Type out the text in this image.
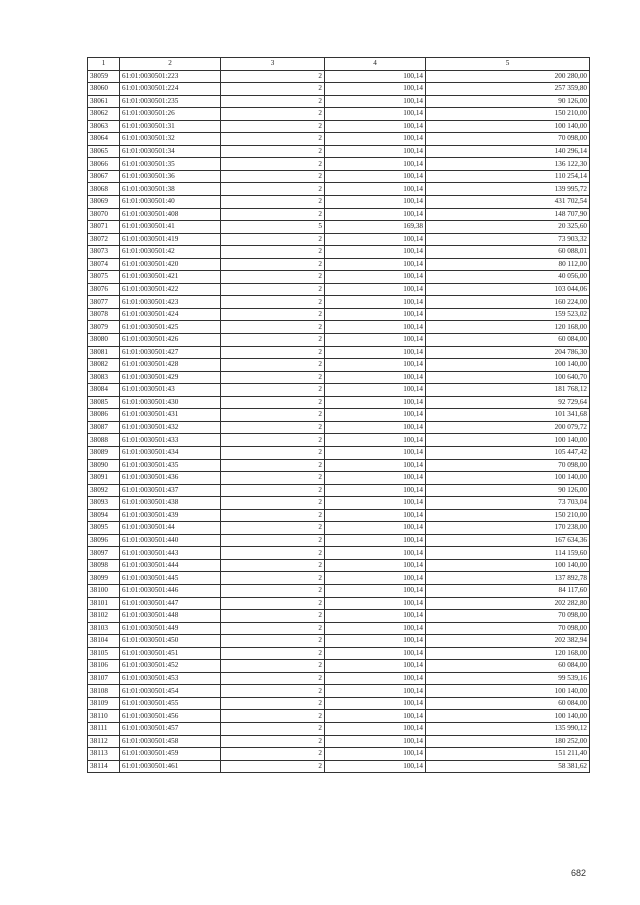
1	2	3	4	5
38059	61:01:0030501:223	2	100,14	200 280,00
38060	61:01:0030501:224	2	100,14	257 359,80
38061	61:01:0030501:235	2	100,14	90 126,00
38062	61:01:0030501:26	2	100,14	150 210,00
38063	61:01:0030501:31	2	100,14	100 140,00
38064	61:01:0030501:32	2	100,14	70 098,00
38065	61:01:0030501:34	2	100,14	140 296,14
38066	61:01:0030501:35	2	100,14	136 122,30
38067	61:01:0030501:36	2	100,14	110 254,14
38068	61:01:0030501:38	2	100,14	139 995,72
38069	61:01:0030501:40	2	100,14	431 702,54
38070	61:01:0030501:408	2	100,14	148 707,90
38071	61:01:0030501:41	5	169,38	20 325,60
38072	61:01:0030501:419	2	100,14	73 903,32
38073	61:01:0030501:42	2	100,14	60 088,01
38074	61:01:0030501:420	2	100,14	80 112,00
38075	61:01:0030501:421	2	100,14	40 056,00
38076	61:01:0030501:422	2	100,14	103 044,06
38077	61:01:0030501:423	2	100,14	160 224,00
38078	61:01:0030501:424	2	100,14	159 523,02
38079	61:01:0030501:425	2	100,14	120 168,00
38080	61:01:0030501:426	2	100,14	60 084,00
38081	61:01:0030501:427	2	100,14	204 786,30
38082	61:01:0030501:428	2	100,14	100 140,00
38083	61:01:0030501:429	2	100,14	100 640,70
38084	61:01:0030501:43	2	100,14	181 768,12
38085	61:01:0030501:430	2	100,14	92 729,64
38086	61:01:0030501:431	2	100,14	101 341,68
38087	61:01:0030501:432	2	100,14	200 079,72
38088	61:01:0030501:433	2	100,14	100 140,00
38089	61:01:0030501:434	2	100,14	105 447,42
38090	61:01:0030501:435	2	100,14	70 098,00
38091	61:01:0030501:436	2	100,14	100 140,00
38092	61:01:0030501:437	2	100,14	90 126,00
38093	61:01:0030501:438	2	100,14	73 703,04
38094	61:01:0030501:439	2	100,14	150 210,00
38095	61:01:0030501:44	2	100,14	170 238,00
38096	61:01:0030501:440	2	100,14	167 634,36
38097	61:01:0030501:443	2	100,14	114 159,60
38098	61:01:0030501:444	2	100,14	100 140,00
38099	61:01:0030501:445	2	100,14	137 892,78
38100	61:01:0030501:446	2	100,14	84 117,60
38101	61:01:0030501:447	2	100,14	202 282,80
38102	61:01:0030501:448	2	100,14	70 098,00
38103	61:01:0030501:449	2	100,14	70 098,00
38104	61:01:0030501:450	2	100,14	202 382,94
38105	61:01:0030501:451	2	100,14	120 168,00
38106	61:01:0030501:452	2	100,14	60 084,00
38107	61:01:0030501:453	2	100,14	99 539,16
38108	61:01:0030501:454	2	100,14	100 140,00
38109	61:01:0030501:455	2	100,14	60 084,00
38110	61:01:0030501:456	2	100,14	100 140,00
38111	61:01:0030501:457	2	100,14	135 990,12
38112	61:01:0030501:458	2	100,14	180 252,00
38113	61:01:0030501:459	2	100,14	151 211,40
38114	61:01:0030501:461	2	100,14	58 381,62
682
